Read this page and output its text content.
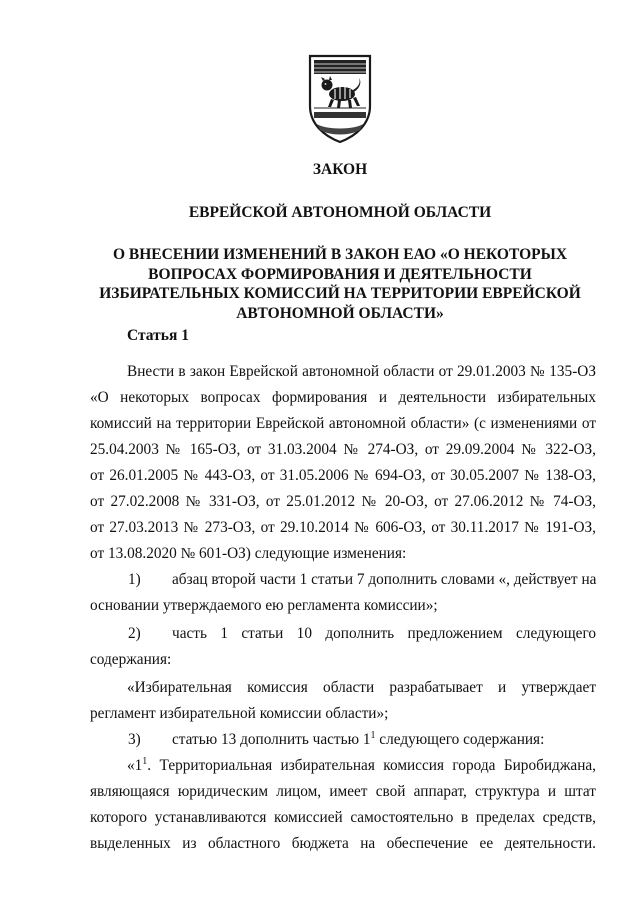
ЗАКОН

ЕВРЕЙСКОЙ АВТОНОМНОЙ ОБЛАСТИ

О ВНЕСЕНИИ ИЗМЕНЕНИЙ В ЗАКОН ЕАО «О НЕКОТОРЫХ
ВОПРОСАХ ФОРМИРОВАНИЯ И ДЕЯТЕЛЬНОСТИ
ИЗБИРАТЕЛЬНЫХ КОМИССИЙ НА ТЕРРИТОРИИ ЕВРЕЙСКОЙ
АВТОНОМНОЙ ОБЛАСТИ»

Статья 1

Внести в закон Еврейской автономной области от 29.01.2003 № 135-ОЗ

«О некоторых вопросах формирования и деятельности избирательных

комиссий на территории Еврейской автономной области» (с изменениями от

25.04.2003 № 165-ОЗ, от 31.03.2004 № 274-ОЗ, от 29.09.2004 № 322-ОЗ,

от 26.01.2005 № 443-ОЗ, от 31.05.2006 № 694-ОЗ, от 30.05.2007 № 138-ОЗ,

от 27.02.2008 № 331-ОЗ, от 25.01.2012 № 20-ОЗ, от 27.06.2012 № 74-ОЗ,

от 27.03.2013 № 273-ОЗ, от 29.10.2014 № 606-ОЗ, от 30.11.2017 № 191-ОЗ,

от 13.08.2020 № 601-ОЗ) следующие изменения:

1) абзац второй части 1 статьи 7 дополнить словами «, действует на

основании утверждаемого ею регламента комиссии»;

2) часть 1 статьи 10 дополнить предложением следующего

содержания:

«Избирательная комиссия области разрабатывает и утверждает

регламент избирательной комиссии области»;

3) статью 13 дополнить частью $1^1$ следующего содержания:

«$1^1$. Территориальная избирательная комиссия города Биробиджана,

являющаяся юридическим лицом, имеет свой аппарат, структура и штат

которого устанавливаются комиссией самостоятельно в пределах средств,

выделенных из областного бюджета на обеспечение ее деятельности.
